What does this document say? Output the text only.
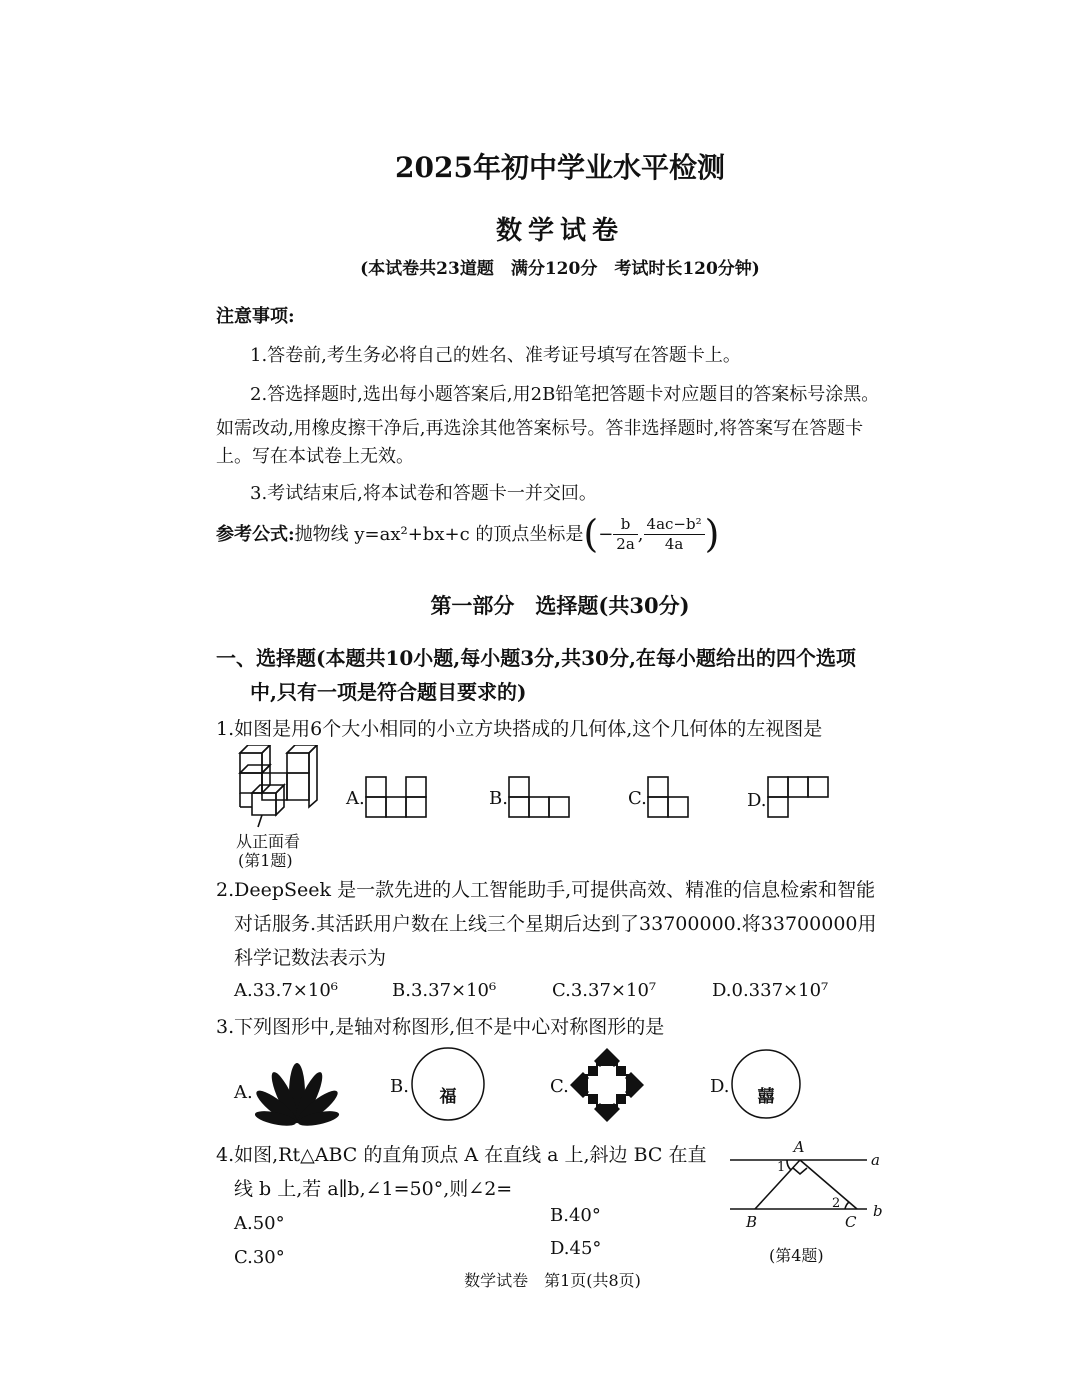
2025年初中学业水平检测
数学试卷
(本试卷共23道题　满分120分　考试时长120分钟)
注意事项:
1.答卷前,考生务必将自己的姓名、准考证号填写在答题卡上。
2.答选择题时,选出每小题答案后,用2B铅笔把答题卡对应题目的答案标号涂黑。
如需改动,用橡皮擦干净后,再选涂其他答案标号。答非选择题时,将答案写在答题卡
上。写在本试卷上无效。
3.考试结束后,将本试卷和答题卡一并交回。
参考公式:抛物线 y=ax²+bx+c 的顶点坐标是(− $\frac{b}{2a}$ , $\frac{\text{4ac−b²}}{4a}$ )
第一部分　选择题(共30分)
一、选择题(本题共10小题,每小题3分,共30分,在每小题给出的四个选项
中,只有一项是符合题目要求的)
1.如图是用6个大小相同的小立方块搭成的几何体,这个几何体的左视图是
从正面看
(第1题)
A.	B.	C.	D.
2.DeepSeek 是一款先进的人工智能助手,可提供高效、精准的信息检索和智能
对话服务.其活跃用户数在上线三个星期后达到了33700000.将33700000用
科学记数法表示为
A.33.7×10⁶	B.3.37×10⁶	C.3.37×10⁷	D.0.337×10⁷
3.下列图形中,是轴对称图形,但不是中心对称图形的是
A.	B. 福	C.	D. 囍
4.如图,Rt△ABC 的直角顶点 A 在直线 a 上,斜边 BC 在直
线 b 上,若 a∥b,∠1=50°,则∠2=
A.50°	B.40°
C.30°	D.45°
A
a
1
2
B	C
b
(第4题)
数学试卷　第1页(共8页)
